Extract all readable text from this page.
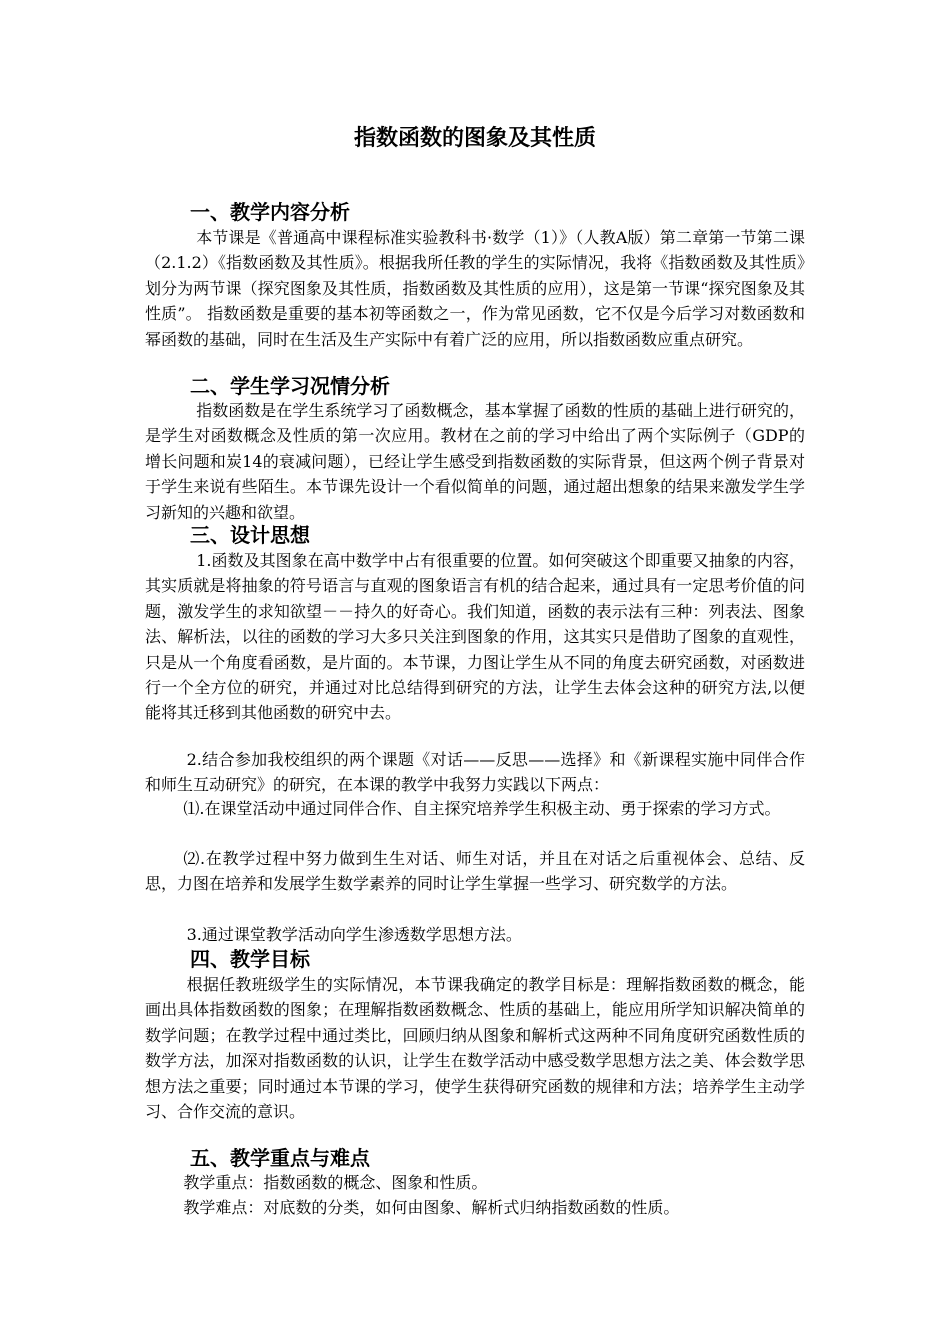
指数函数的图象及其性质
一、教学内容分析
本节课是《普通高中课程标准实验教科书·数学（1）》（人教A版）第二章第一节第二课（2.1.2）《指数函数及其性质》。根据我所任教的学生的实际情况，我将《指数函数及其性质》划分为两节课（探究图象及其性质，指数函数及其性质的应用），这是第一节课“探究图象及其性质”。 指数函数是重要的基本初等函数之一，作为常见函数，它不仅是今后学习对数函数和幂函数的基础，同时在生活及生产实际中有着广泛的应用，所以指数函数应重点研究。
二、学生学习况情分析
指数函数是在学生系统学习了函数概念，基本掌握了函数的性质的基础上进行研究的，是学生对函数概念及性质的第一次应用。教材在之前的学习中给出了两个实际例子（GDP的增长问题和炭14的衰减问题），已经让学生感受到指数函数的实际背景，但这两个例子背景对于学生来说有些陌生。本节课先设计一个看似简单的问题，通过超出想象的结果来激发学生学习新知的兴趣和欲望。
三、设计思想
1.函数及其图象在高中数学中占有很重要的位置。如何突破这个即重要又抽象的内容，其实质就是将抽象的符号语言与直观的图象语言有机的结合起来，通过具有一定思考价值的问题，激发学生的求知欲望－－持久的好奇心。我们知道，函数的表示法有三种：列表法、图象法、解析法，以往的函数的学习大多只关注到图象的作用，这其实只是借助了图象的直观性，只是从一个角度看函数，是片面的。本节课，力图让学生从不同的角度去研究函数，对函数进行一个全方位的研究，并通过对比总结得到研究的方法，让学生去体会这种的研究方法,以便能将其迁移到其他函数的研究中去。
2.结合参加我校组织的两个课题《对话——反思——选择》和《新课程实施中同伴合作和师生互动研究》的研究，在本课的教学中我努力实践以下两点：
⑴.在课堂活动中通过同伴合作、自主探究培养学生积极主动、勇于探索的学习方式。
⑵.在教学过程中努力做到生生对话、师生对话，并且在对话之后重视体会、总结、反思，力图在培养和发展学生数学素养的同时让学生掌握一些学习、研究数学的方法。
3.通过课堂教学活动向学生渗透数学思想方法。
四、教学目标
根据任教班级学生的实际情况，本节课我确定的教学目标是：理解指数函数的概念，能画出具体指数函数的图象；在理解指数函数概念、性质的基础上，能应用所学知识解决简单的数学问题；在教学过程中通过类比，回顾归纳从图象和解析式这两种不同角度研究函数性质的数学方法，加深对指数函数的认识，让学生在数学活动中感受数学思想方法之美、体会数学思想方法之重要；同时通过本节课的学习，使学生获得研究函数的规律和方法；培养学生主动学习、合作交流的意识。
五、教学重点与难点
教学重点：指数函数的概念、图象和性质。
教学难点：对底数的分类，如何由图象、解析式归纳指数函数的性质。
